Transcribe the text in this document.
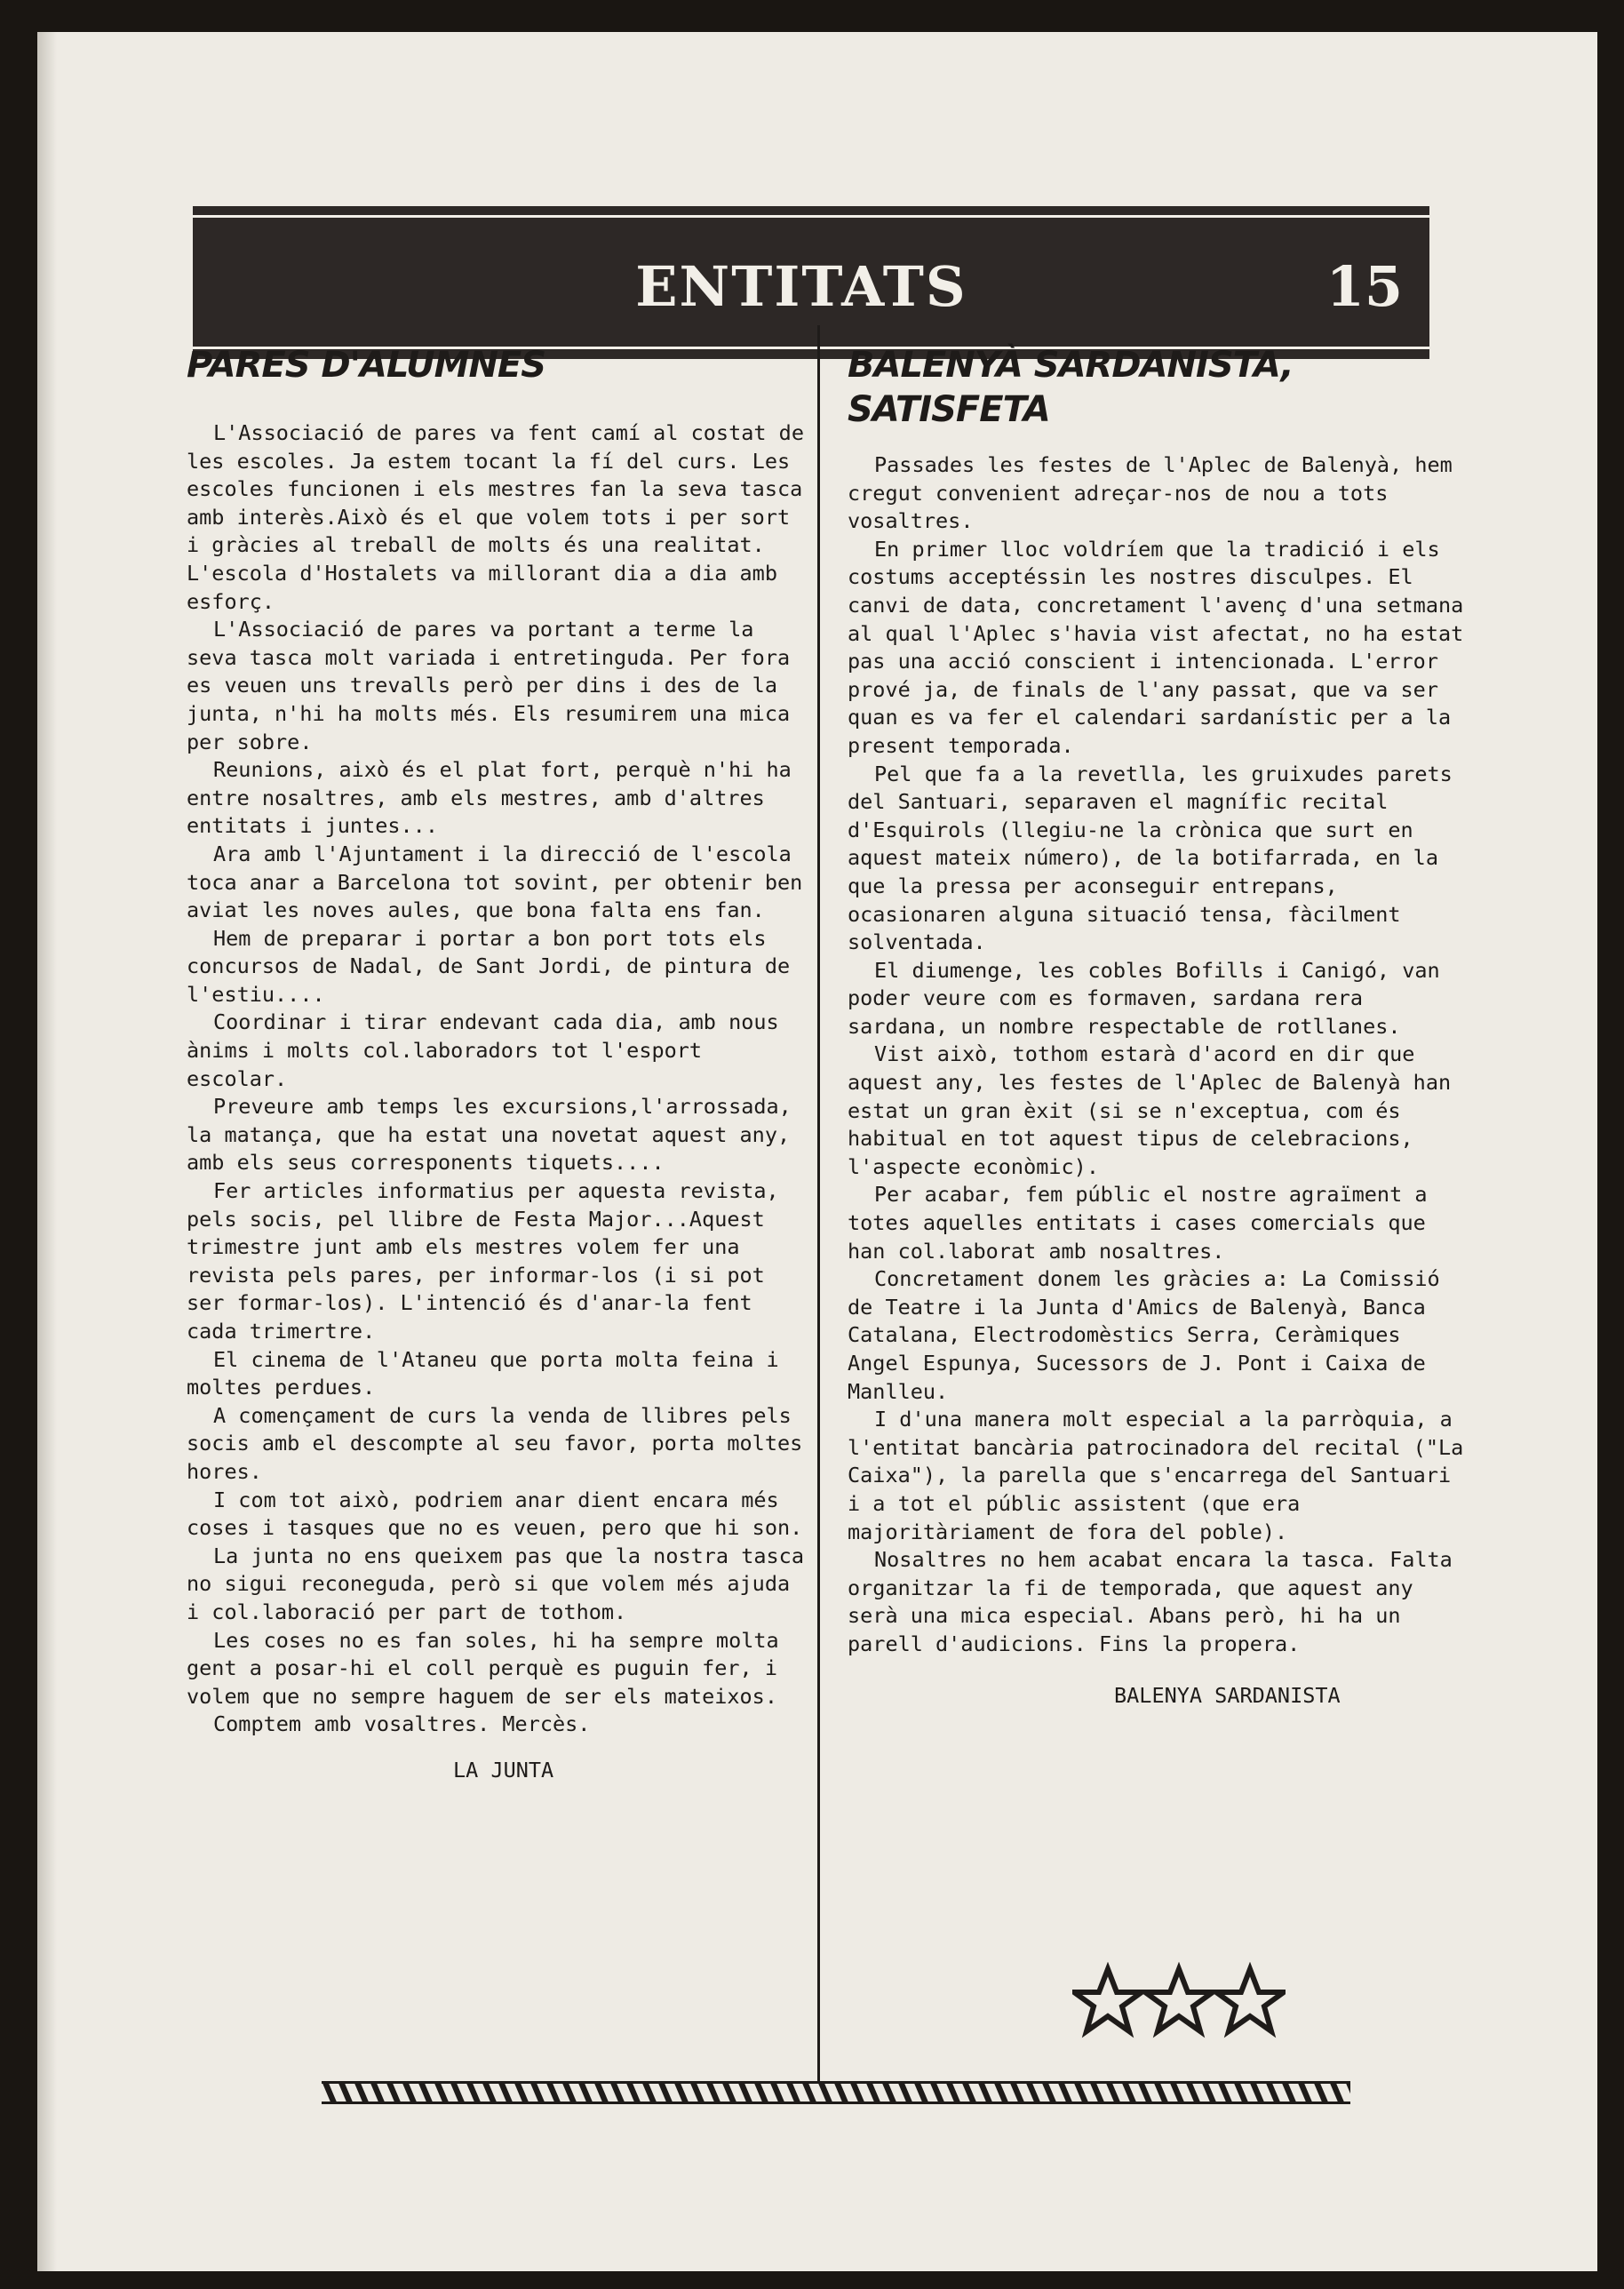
ENTITATS	15
PARES D'ALUMNES

L'Associació de pares va fent camí al costat de les escoles. Ja estem tocant la fí del curs. Les escoles funcionen i els mestres fan la seva tasca amb interès.Això és el que volem tots i per sort i gràcies al treball de molts és una realitat. L'escola d'Hostalets va millorant dia a dia amb esforç.

L'Associació de pares va portant a terme la seva tasca molt variada i entretinguda. Per fora es veuen uns trevalls però per dins i des de la junta, n'hi ha molts més. Els resumirem una mica per sobre.

Reunions, això és el plat fort, perquè n'hi ha entre nosaltres, amb els mestres, amb d'altres entitats i juntes...

Ara amb l'Ajuntament i la direcció de l'escola toca anar a Barcelona tot sovint, per obtenir ben aviat les noves aules, que bona falta ens fan.

Hem de preparar i portar a bon port tots els concursos de Nadal, de Sant Jordi, de pintura de l'estiu....

Coordinar i tirar endevant cada dia, amb nous ànims i molts col.laboradors tot l'esport escolar.

Preveure amb temps les excursions,l'arrossada, la matança, que ha estat una novetat aquest any, amb els seus corresponents tiquets....

Fer articles informatius per aquesta revista, pels socis, pel llibre de Festa Major...Aquest trimestre junt amb els mestres volem fer una revista pels pares, per informar-los (i si pot ser formar-los). L'intenció és d'anar-la fent cada trimertre.

El cinema de l'Ataneu que porta molta feina i moltes perdues.

A començament de curs la venda de llibres pels socis amb el descompte al seu favor, porta moltes hores.

I com tot això, podriem anar dient encara més coses i tasques que no es veuen, pero que hi son.

La junta no ens queixem pas que la nostra tasca no sigui reconeguda, però si que volem més ajuda i col.laboració per part de tothom.

Les coses no es fan soles, hi ha sempre molta gent a posar-hi el coll perquè es puguin fer, i volem que no sempre haguem de ser els mateixos.

Comptem amb vosaltres. Mercès.

LA JUNTA
BALENYÀ SARDANISTA, SATISFETA

Passades les festes de l'Aplec de Balenyà, hem cregut convenient adreçar-nos de nou a tots vosaltres.

En primer lloc voldríem que la tradició i els costums acceptéssin les nostres disculpes. El canvi de data, concretament l'avenç d'una setmana al qual l'Aplec s'havia vist afectat, no ha estat pas una acció conscient i intencionada. L'error prové ja, de finals de l'any passat, que va ser quan es va fer el calendari sardanístic per a la present temporada.

Pel que fa a la revetlla, les gruixudes parets del Santuari, separaven el magnífic recital d'Esquirols (llegiu-ne la crònica que surt en aquest mateix número), de la botifarrada, en la que la pressa per aconseguir entrepans, ocasionaren alguna situació tensa, fàcilment solventada.

El diumenge, les cobles Bofills i Canigó, van poder veure com es formaven, sardana rera sardana, un nombre respectable de rotllanes.

Vist això, tothom estarà d'acord en dir que aquest any, les festes de l'Aplec de Balenyà han estat un gran èxit (si se n'exceptua, com és habitual en tot aquest tipus de celebracions, l'aspecte econòmic).

Per acabar, fem públic el nostre agraïment a totes aquelles entitats i cases comercials que han col.laborat amb nosaltres.

Concretament donem les gràcies a: La Comissió de Teatre i la Junta d'Amics de Balenyà, Banca Catalana, Electrodomèstics Serra, Ceràmiques Angel Espunya, Sucessors de J. Pont i Caixa de Manlleu.

I d'una manera molt especial a la parròquia, a l'entitat bancària patrocinadora del recital ("La Caixa"), la parella que s'encarrega del Santuari i a tot el públic assistent (que era majoritàriament de fora del poble).

Nosaltres no hem acabat encara la tasca. Falta organitzar la fi de temporada, que aquest any serà una mica especial. Abans però, hi ha un parell d'audicions. Fins la propera.

BALENYA SARDANISTA
